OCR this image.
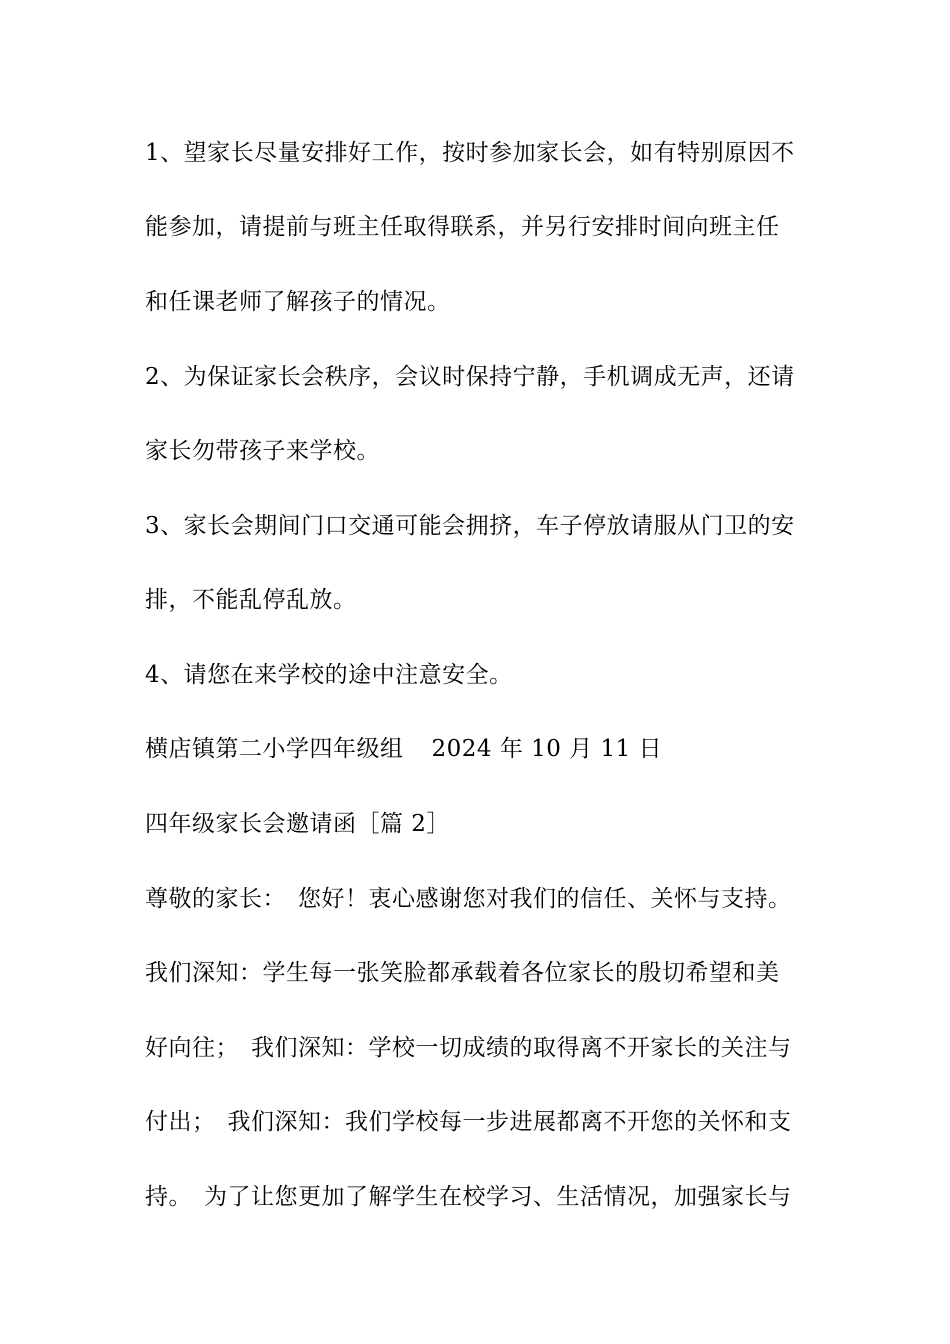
1、望家长尽量安排好工作，按时参加家长会，如有特别原因不
能参加，请提前与班主任取得联系，并另行安排时间向班主任
和任课老师了解孩子的情况。
2、为保证家长会秩序，会议时保持宁静，手机调成无声，还请
家长勿带孩子来学校。
3、家长会期间门口交通可能会拥挤，车子停放请服从门卫的安
排，不能乱停乱放。
4、请您在来学校的途中注意安全。
横店镇第二小学四年级组 2024 年 10 月 11 日
四年级家长会邀请函［篇 2］
尊敬的家长：　您好！衷心感谢您对我们的信任、关怀与支持。
我们深知：学生每一张笑脸都承载着各位家长的殷切希望和美
好向往；　我们深知：学校一切成绩的取得离不开家长的关注与
付出；　我们深知：我们学校每一步进展都离不开您的关怀和支
持。　为了让您更加了解学生在校学习、生活情况，加强家长与
